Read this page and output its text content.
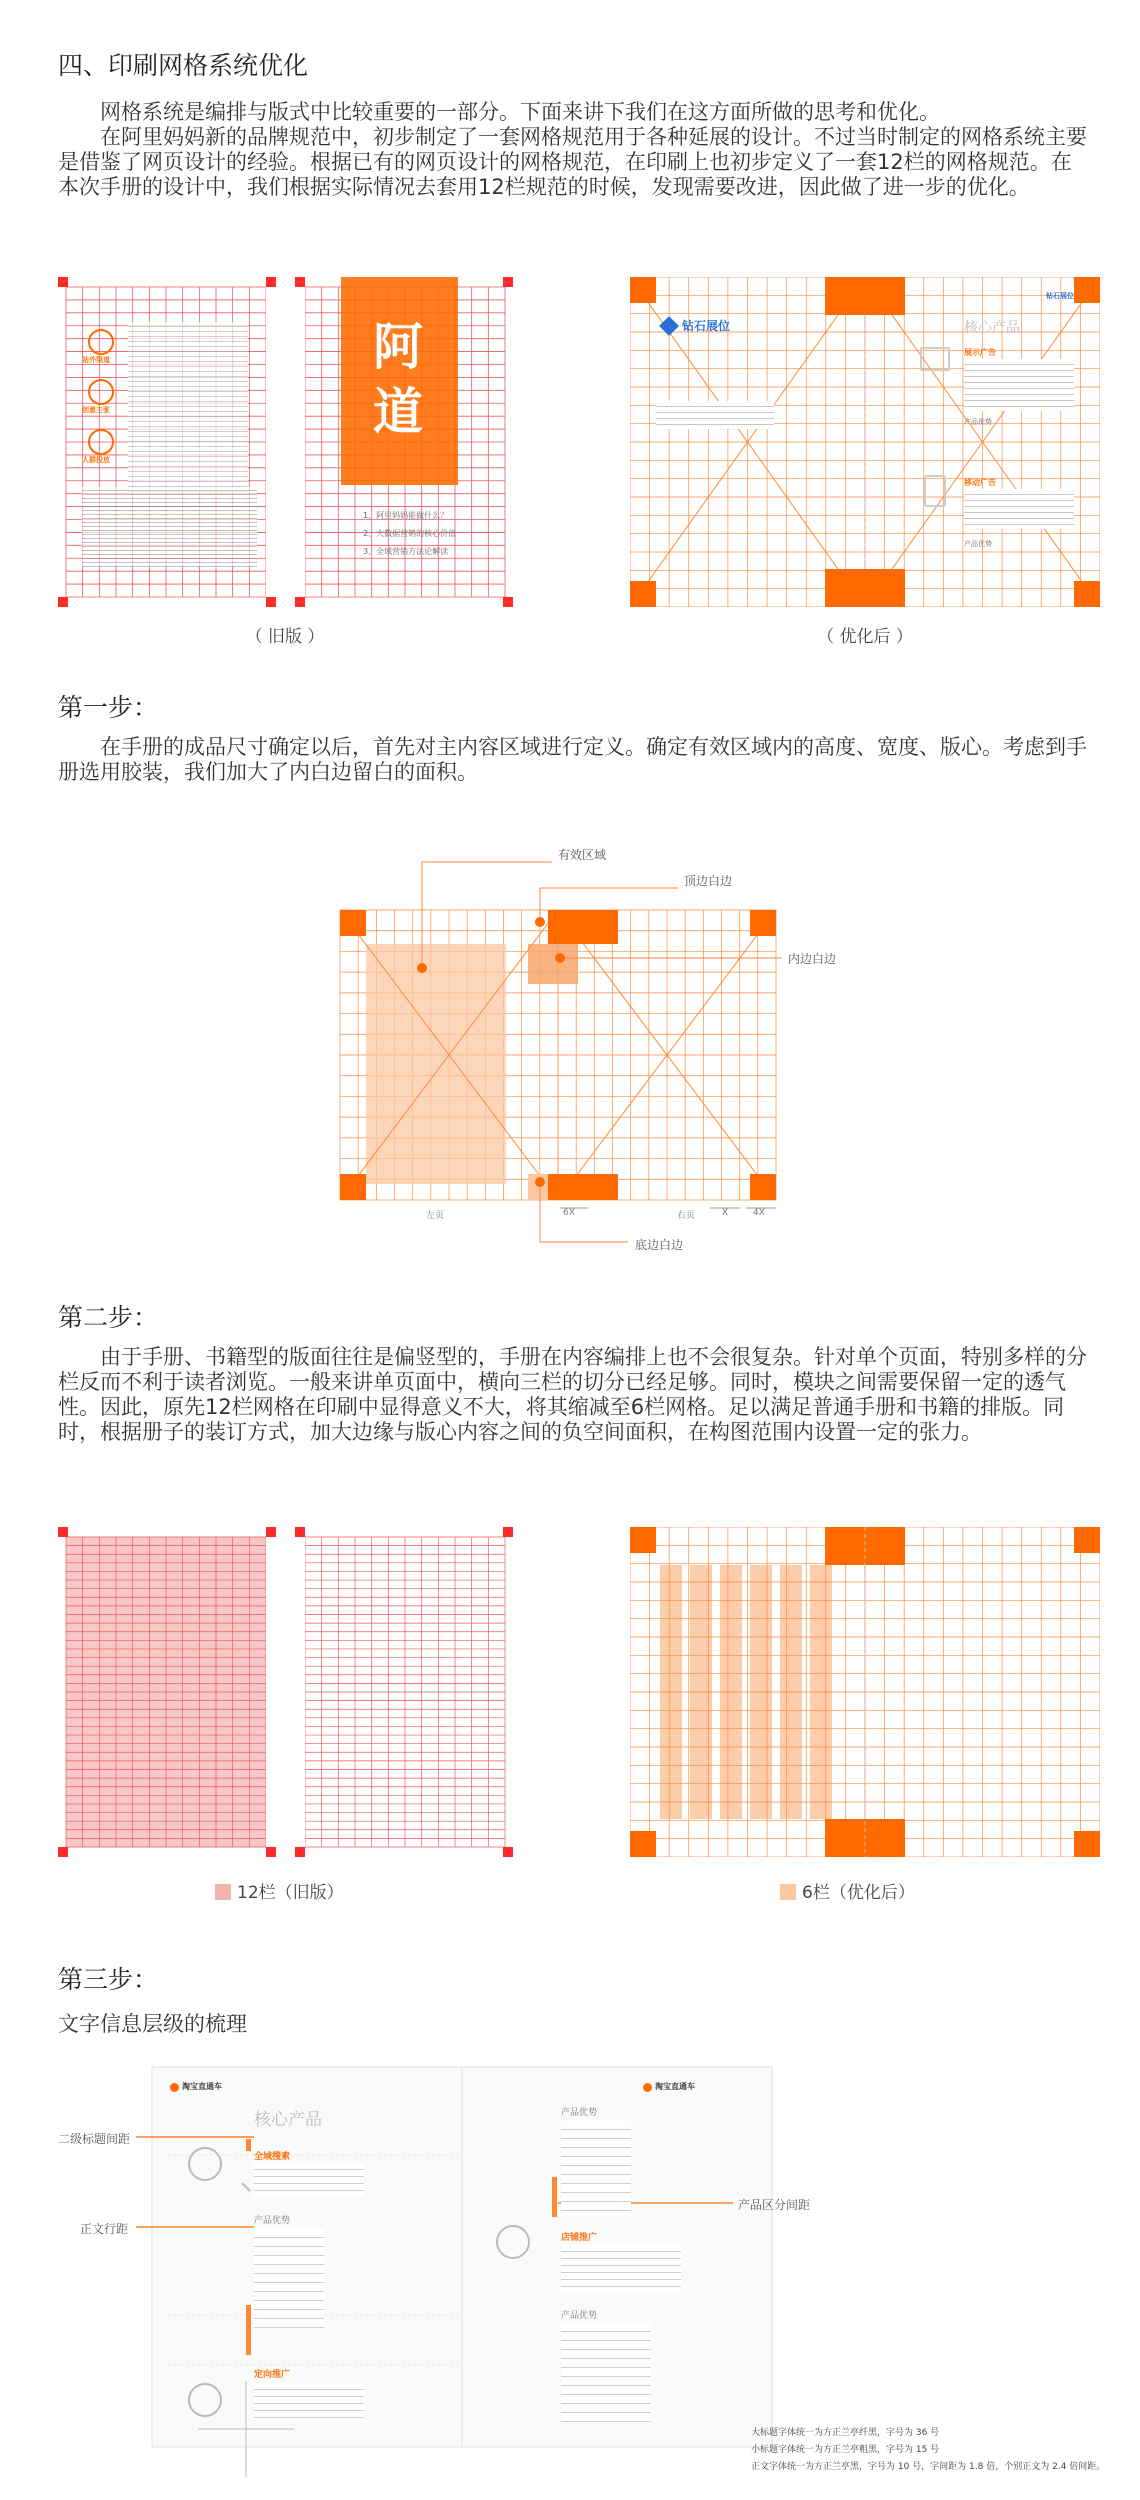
四、印刷网格系统优化

网格系统是编排与版式中比较重要的一部分。下面来讲下我们在这方面所做的思考和优化。

在阿里妈妈新的品牌规范中，初步制定了一套网格规范用于各种延展的设计。不过当时制定的网格系统主要是借鉴了网页设计的经验。根据已有的网页设计的网格规范，在印刷上也初步定义了一套12栏的网格规范。在本次手册的设计中，我们根据实际情况去套用12栏规范的时候，发现需要改进，因此做了进一步的优化。

阿
道
1、阿里妈妈能做什么？
2、大数据营销的核心价值
3、全域营销方法论解读
站外渠道
创意主张
人群投放
钻石展位
钻石展位
核心产品
展示广告
移动广告
产品优势
产品优势
（ 旧版 ）	（ 优化后 ）
第一步：

在手册的成品尺寸确定以后，首先对主内容区域进行定义。确定有效区域内的高度、宽度、版心。考虑到手册选用胶装，我们加大了内白边留白的面积。

有效区域
顶边白边
内边白边
底边白边
左页	右页
6X	X	4X
第二步：

由于手册、书籍型的版面往往是偏竖型的，手册在内容编排上也不会很复杂。针对单个页面，特别多样的分栏反而不利于读者浏览。一般来讲单页面中，横向三栏的切分已经足够。同时，模块之间需要保留一定的透气性。因此，原先12栏网格在印刷中显得意义不大，将其缩减至6栏网格。足以满足普通手册和书籍的排版。同时，根据册子的装订方式，加大边缘与版心内容之间的负空间面积，在构图范围内设置一定的张力。

12栏（旧版）	6栏（优化后）
第三步：
文字信息层级的梳理
二级标题间距
正文行距
产品区分间距
淘宝直通车	淘宝直通车
核心产品
全域搜索
产品优势
定向推广
产品优势
店铺推广
产品优势
大标题字体统一为方正兰亭纤黑，字号为 36 号
小标题字体统一为方正兰亭粗黑，字号为 15 号
正文字体统一为方正兰亭黑，字号为 10 号，字间距为 1.8 倍，个别正文为 2.4 倍间距。
